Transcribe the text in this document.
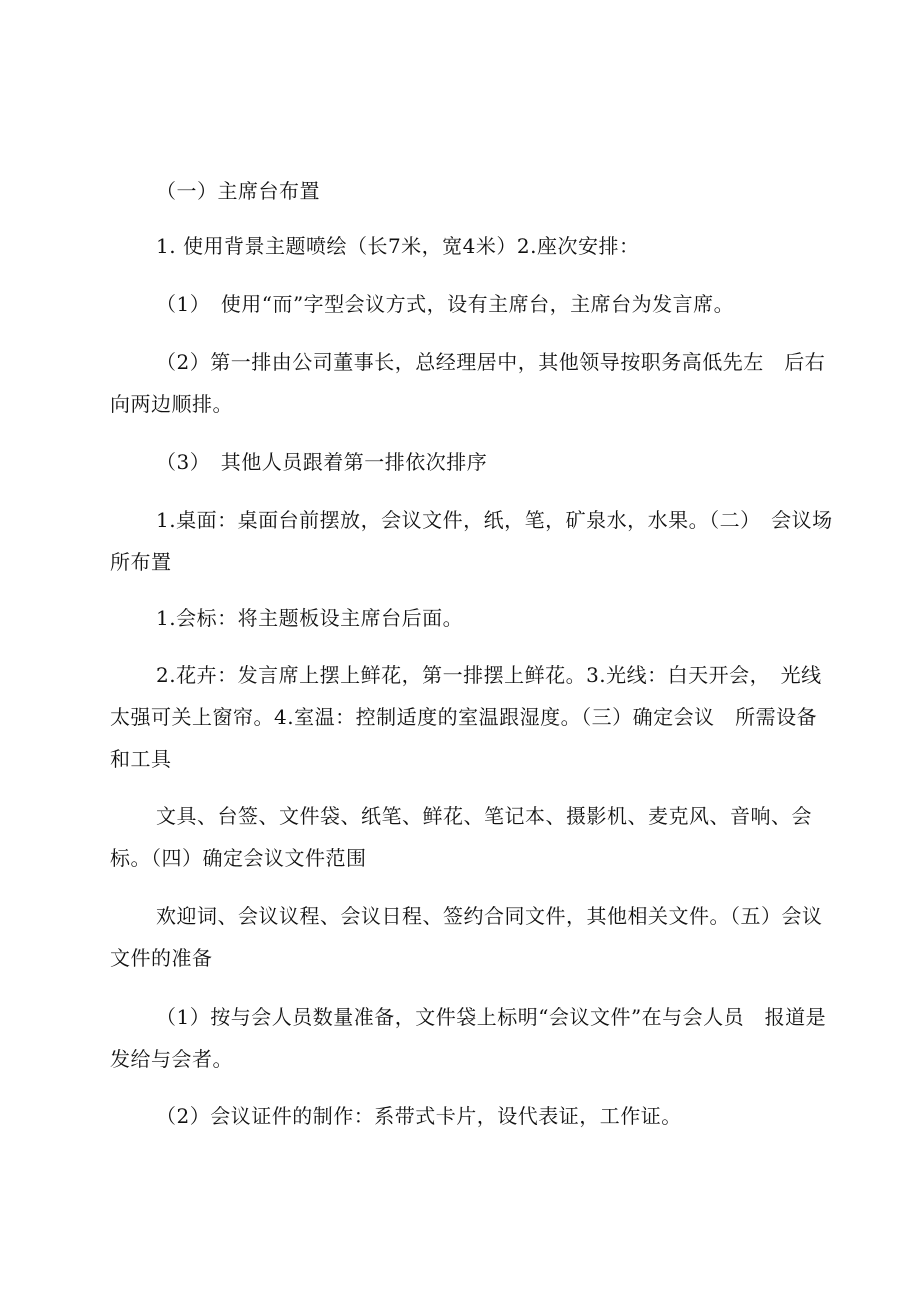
（一）主席台布置

1. 使用背景主题喷绘（长7米，宽4米）2.座次安排：

（1）　使用“而”字型会议方式，设有主席台，主席台为发言席。

（2）第一排由公司董事长，总经理居中，其他领导按职务高低先左　后右向两边顺排。

（3）　其他人员跟着第一排依次排序

1.桌面：桌面台前摆放，会议文件，纸，笔，矿泉水，水果。（二）　会议场所布置

1.会标：将主题板设主席台后面。

2.花卉：发言席上摆上鲜花，第一排摆上鲜花。3.光线：白天开会，　光线太强可关上窗帘。4.室温：控制适度的室温跟湿度。（三）确定会议　所需设备和工具

文具、台签、文件袋、纸笔、鲜花、笔记本、摄影机、麦克风、音响、会标。（四）确定会议文件范围

欢迎词、会议议程、会议日程、签约合同文件，其他相关文件。（五）会议文件的准备

（1）按与会人员数量准备，文件袋上标明“会议文件”在与会人员　报道是发给与会者。

（2）会议证件的制作：系带式卡片，设代表证，工作证。
